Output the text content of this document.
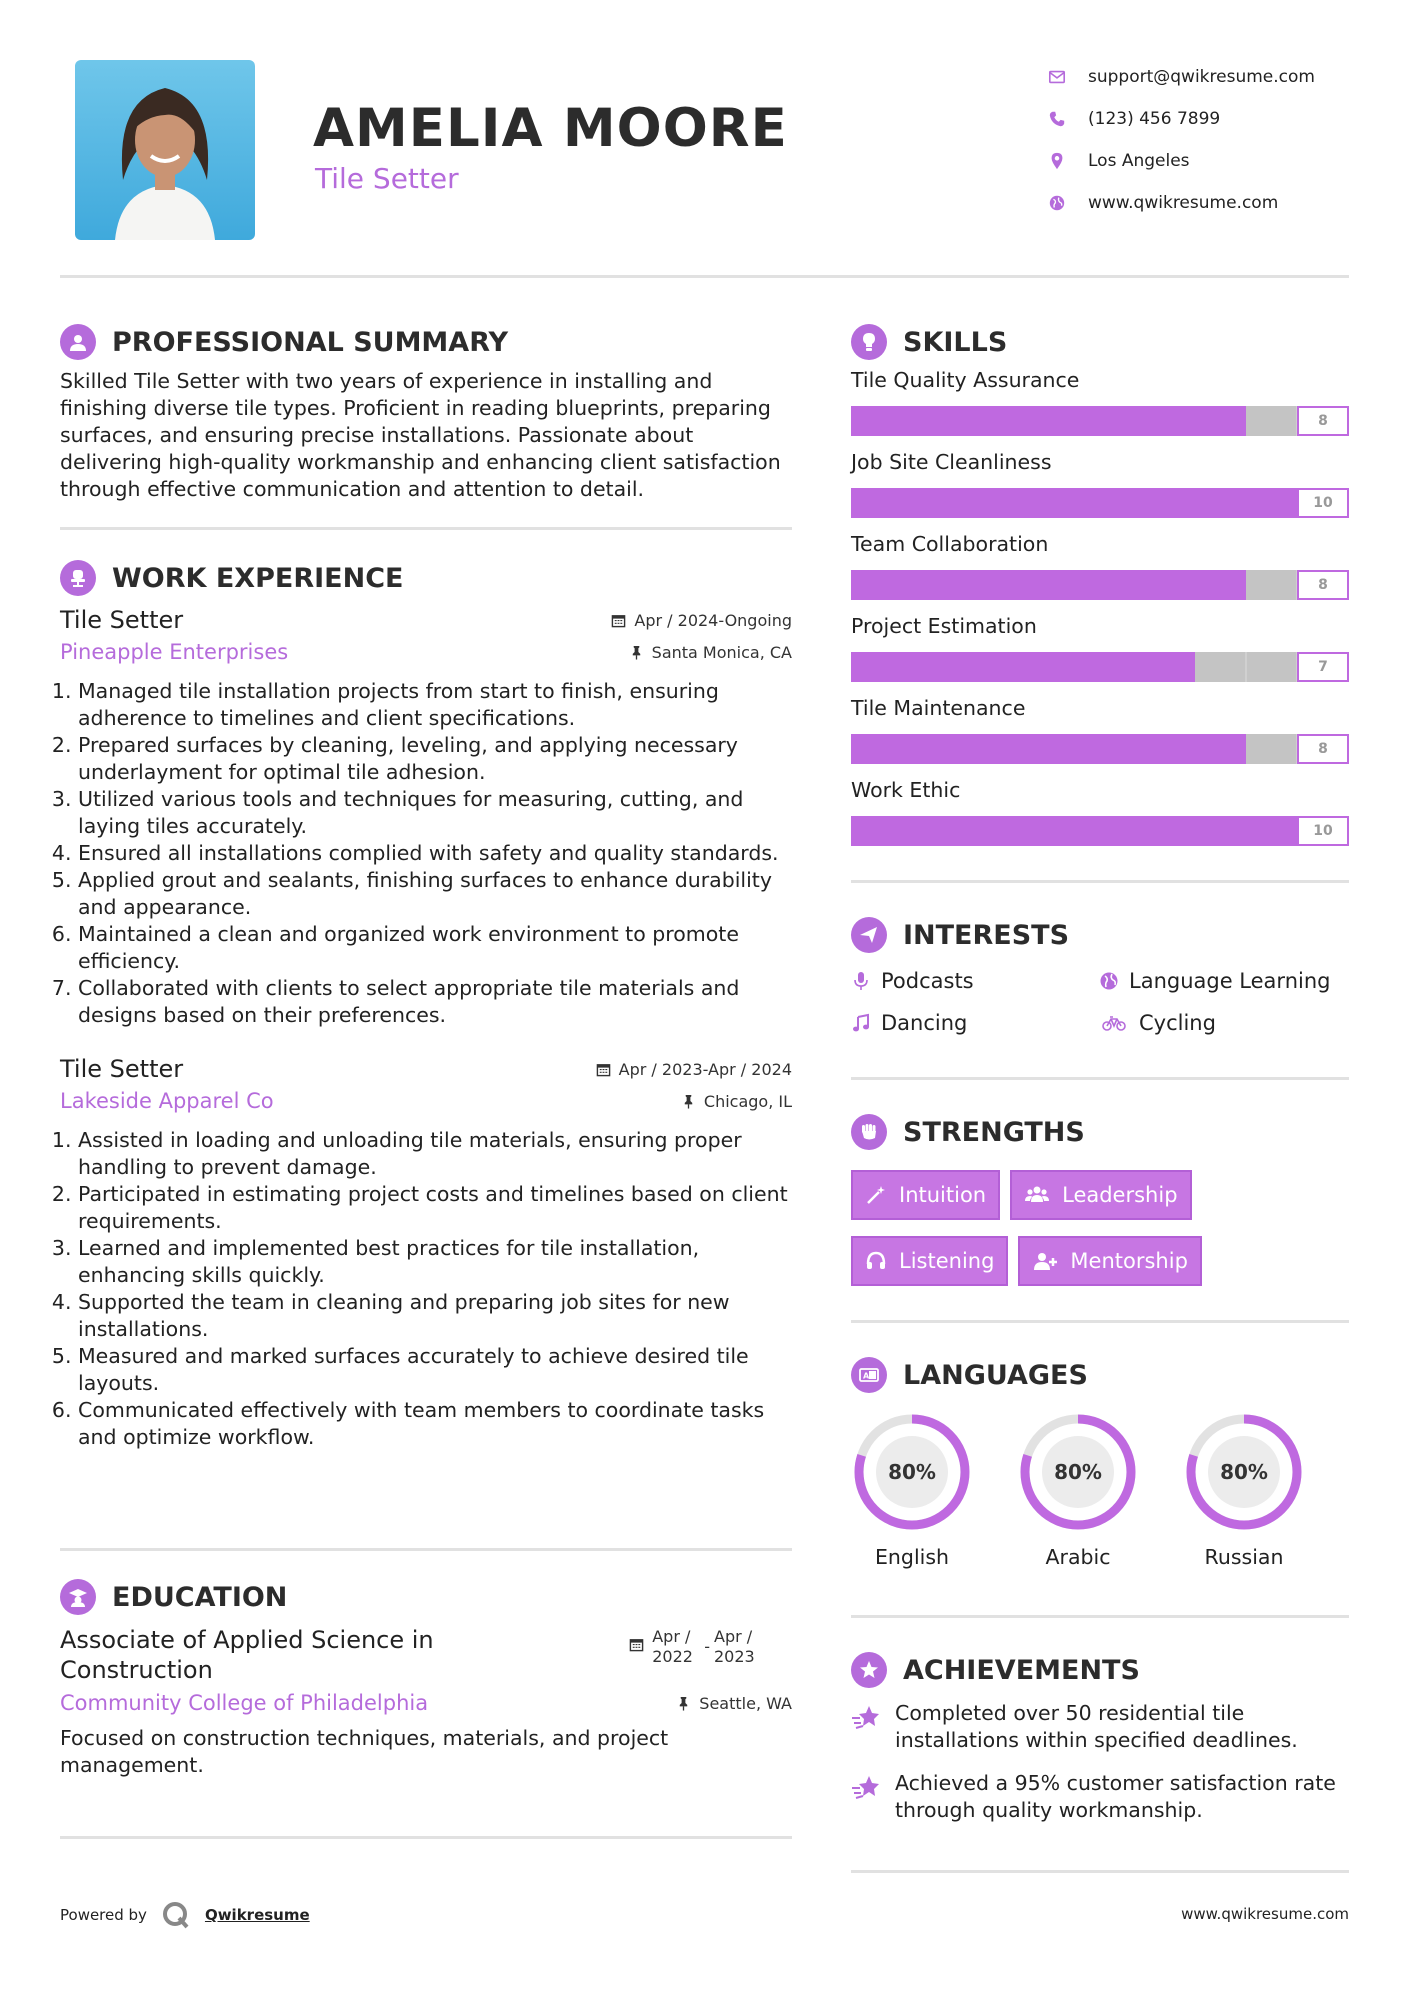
AMELIA MOORE
Tile Setter
support@qwikresume.com
(123) 456 7899
Los Angeles
www.qwikresume.com
PROFESSIONAL SUMMARY
Skilled Tile Setter with two years of experience in installing and finishing diverse tile types. Proficient in reading blueprints, preparing surfaces, and ensuring precise installations. Passionate about delivering high-quality workmanship and enhancing client satisfaction through effective communication and attention to detail.
WORK EXPERIENCE
Tile Setter	Apr / 2024-Ongoing
Pineapple Enterprises	Santa Monica, CA
1. Managed tile installation projects from start to finish, ensuring adherence to timelines and client specifications.
2. Prepared surfaces by cleaning, leveling, and applying necessary underlayment for optimal tile adhesion.
3. Utilized various tools and techniques for measuring, cutting, and laying tiles accurately.
4. Ensured all installations complied with safety and quality standards.
5. Applied grout and sealants, finishing surfaces to enhance durability and appearance.
6. Maintained a clean and organized work environment to promote efficiency.
7. Collaborated with clients to select appropriate tile materials and designs based on their preferences.
Tile Setter	Apr / 2023-Apr / 2024
Lakeside Apparel Co	Chicago, IL
1. Assisted in loading and unloading tile materials, ensuring proper handling to prevent damage.
2. Participated in estimating project costs and timelines based on client requirements.
3. Learned and implemented best practices for tile installation, enhancing skills quickly.
4. Supported the team in cleaning and preparing job sites for new installations.
5. Measured and marked surfaces accurately to achieve desired tile layouts.
6. Communicated effectively with team members to coordinate tasks and optimize workflow.
EDUCATION
Associate of Applied Science in Construction
Apr / 2022
-
Apr / 2023
Community College of Philadelphia	Seattle, WA
Focused on construction techniques, materials, and project management.
SKILLS
Tile Quality Assurance
8
Job Site Cleanliness
10
Team Collaboration
8
Project Estimation
7
Tile Maintenance
8
Work Ethic
10
INTERESTS
Podcasts	Language Learning
Dancing	Cycling
STRENGTHS
Intuition	Leadership
Listening	Mentorship
A LANGUAGES
80%
English
80%
Arabic
80%
Russian
ACHIEVEMENTS
Completed over 50 residential tile installations within specified deadlines.
Achieved a 95% customer satisfaction rate through quality workmanship.
Powered by	Qwikresume	www.qwikresume.com
